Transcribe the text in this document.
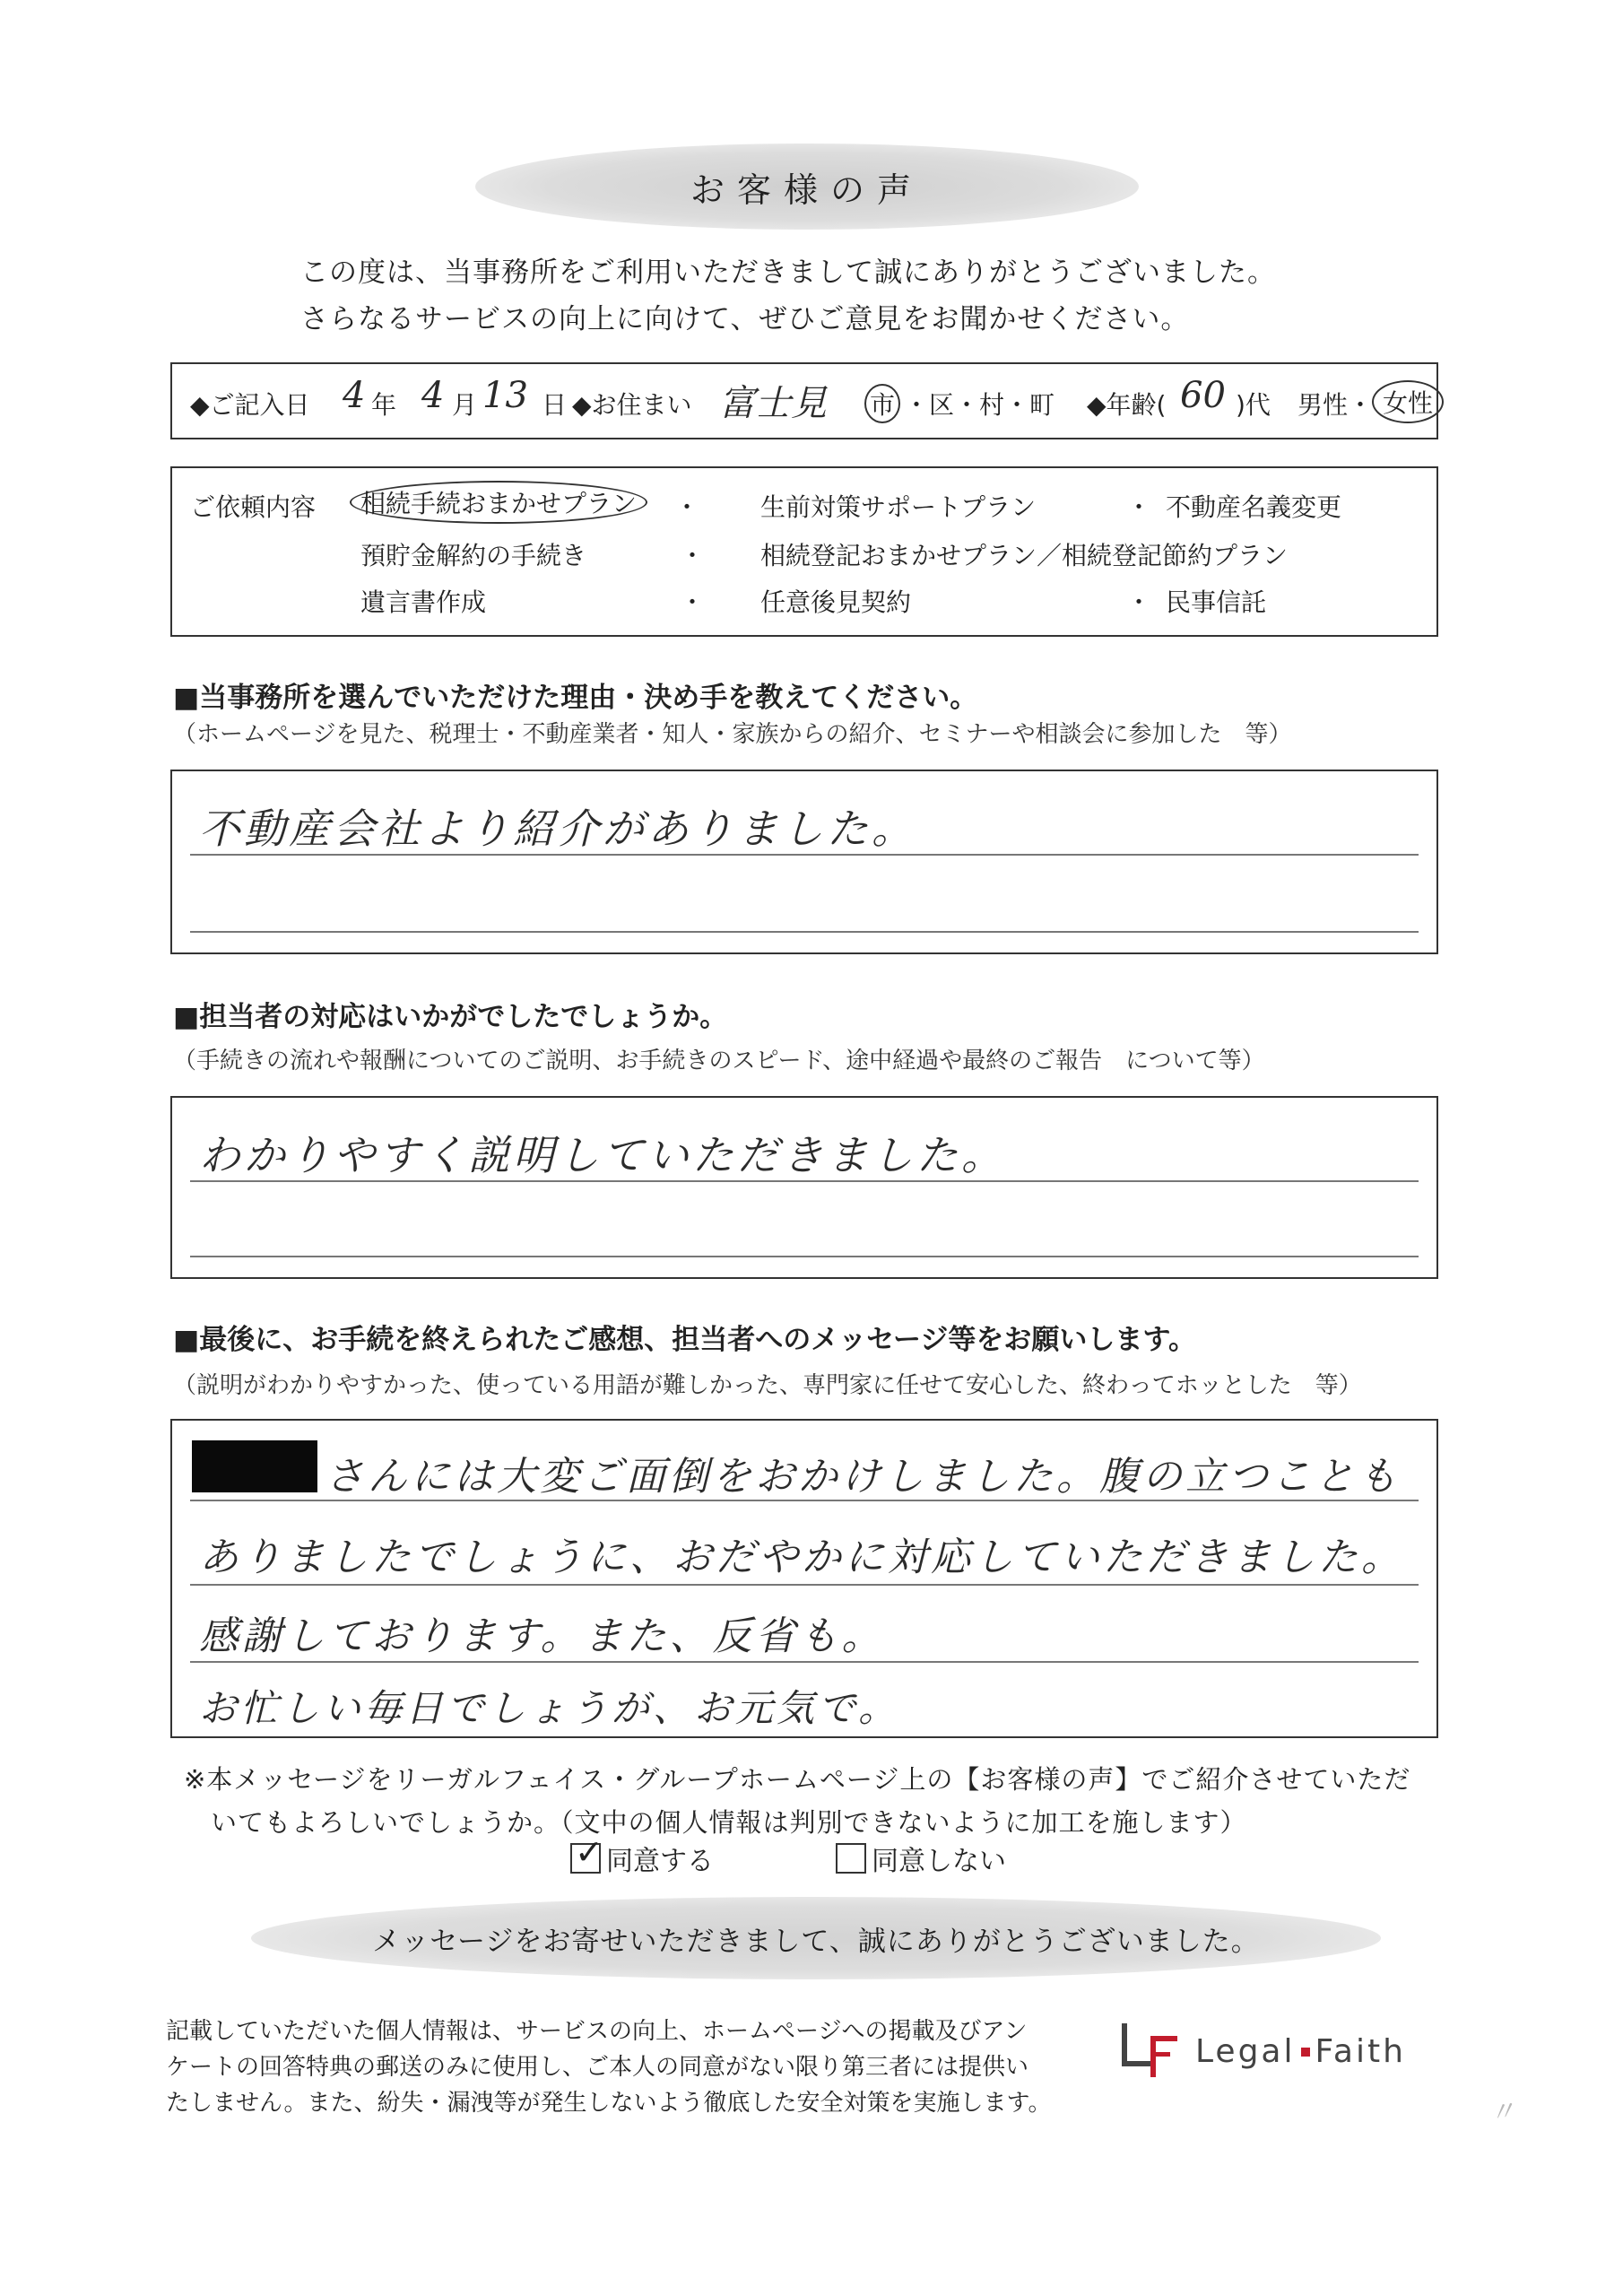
お客様の声
この度は、当事務所をご利用いただきまして誠にありがとうございました。
さらなるサービスの向上に向けて、ぜひご意見をお聞かせください。
◆ご記入日 4 年 4 月 13 日 ◆お住まい 富士見 市 ・区・村・町 ◆年齢( 60 )代 男性・ 女性
ご依頼内容	相続手続おまかせプラン	・ 生前対策サポートプラン	・ 不動産名義変更
預貯金解約の手続き	・ 相続登記おまかせプラン／相続登記節約プラン
遺言書作成	・ 任意後見契約	・ 民事信託
■当事務所を選んでいただけた理由・決め手を教えてください。
（ホームページを見た、税理士・不動産業者・知人・家族からの紹介、セミナーや相談会に参加した　等）
不動産会社より紹介がありました。
■担当者の対応はいかがでしたでしょうか。
（手続きの流れや報酬についてのご説明、お手続きのスピード、途中経過や最終のご報告　について等）
わかりやすく説明していただきました。
■最後に、お手続を終えられたご感想、担当者へのメッセージ等をお願いします。
（説明がわかりやすかった、使っている用語が難しかった、専門家に任せて安心した、終わってホッとした　等）
さんには大変ご面倒をおかけしました。腹の立つことも
ありましたでしょうに、おだやかに対応していただきました。
感謝しております。また、反省も。
お忙しい毎日でしょうが、お元気で。
※本メッセージをリーガルフェイス・グループホームページ上の【お客様の声】でご紹介させていただ
いてもよろしいでしょうか。（文中の個人情報は判別できないように加工を施します）
✓ 同意する	同意しない
メッセージをお寄せいただきまして、誠にありがとうございました。
記載していただいた個人情報は、サービスの向上、ホームページへの掲載及びアン
ケートの回答特典の郵送のみに使用し、ご本人の同意がない限り第三者には提供い
たしません。また、紛失・漏洩等が発生しないよう徹底した安全対策を実施します。
Legal Faith
〃
